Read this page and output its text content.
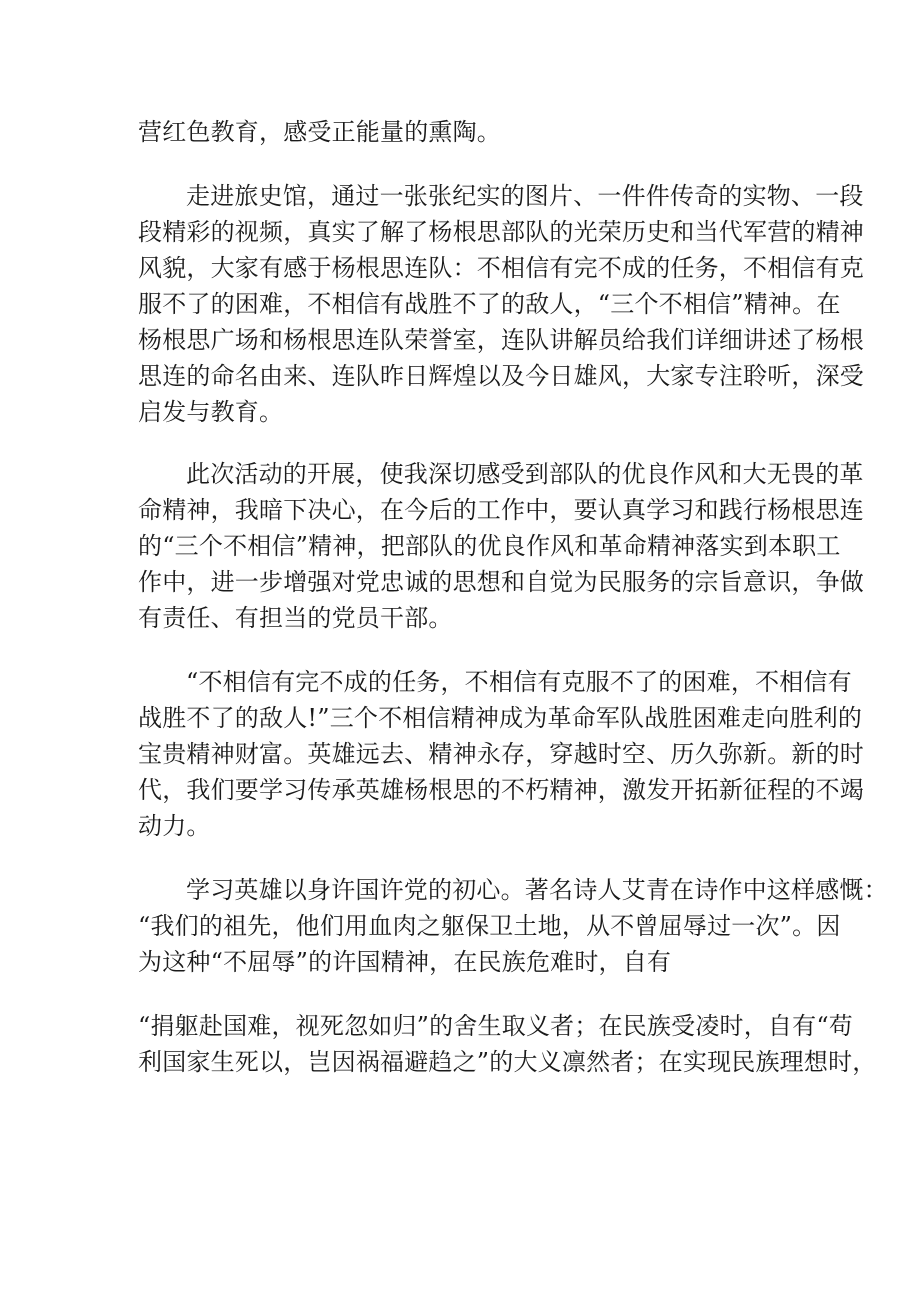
营红色教育，感受正能量的熏陶。
走进旅史馆，通过一张张纪实的图片、一件件传奇的实物、一段
段精彩的视频，真实了解了杨根思部队的光荣历史和当代军营的精神
风貌，大家有感于杨根思连队：不相信有完不成的任务，不相信有克
服不了的困难，不相信有战胜不了的敌人，“三个不相信”精神。在
杨根思广场和杨根思连队荣誉室，连队讲解员给我们详细讲述了杨根
思连的命名由来、连队昨日辉煌以及今日雄风，大家专注聆听，深受
启发与教育。
此次活动的开展，使我深切感受到部队的优良作风和大无畏的革
命精神，我暗下决心，在今后的工作中，要认真学习和践行杨根思连
的“三个不相信”精神，把部队的优良作风和革命精神落实到本职工
作中，进一步增强对党忠诚的思想和自觉为民服务的宗旨意识，争做
有责任、有担当的党员干部。
“不相信有完不成的任务，不相信有克服不了的困难，不相信有
战胜不了的敌人!”三个不相信精神成为革命军队战胜困难走向胜利的
宝贵精神财富。英雄远去、精神永存，穿越时空、历久弥新。新的时
代，我们要学习传承英雄杨根思的不朽精神，激发开拓新征程的不竭
动力。
学习英雄以身许国许党的初心。著名诗人艾青在诗作中这样感慨：
“我们的祖先，他们用血肉之躯保卫土地，从不曾屈辱过一次”。因
为这种“不屈辱”的许国精神，在民族危难时，自有
“捐躯赴国难，视死忽如归”的舍生取义者；在民族受凌时，自有“苟
利国家生死以，岂因祸福避趋之”的大义凛然者；在实现民族理想时，
